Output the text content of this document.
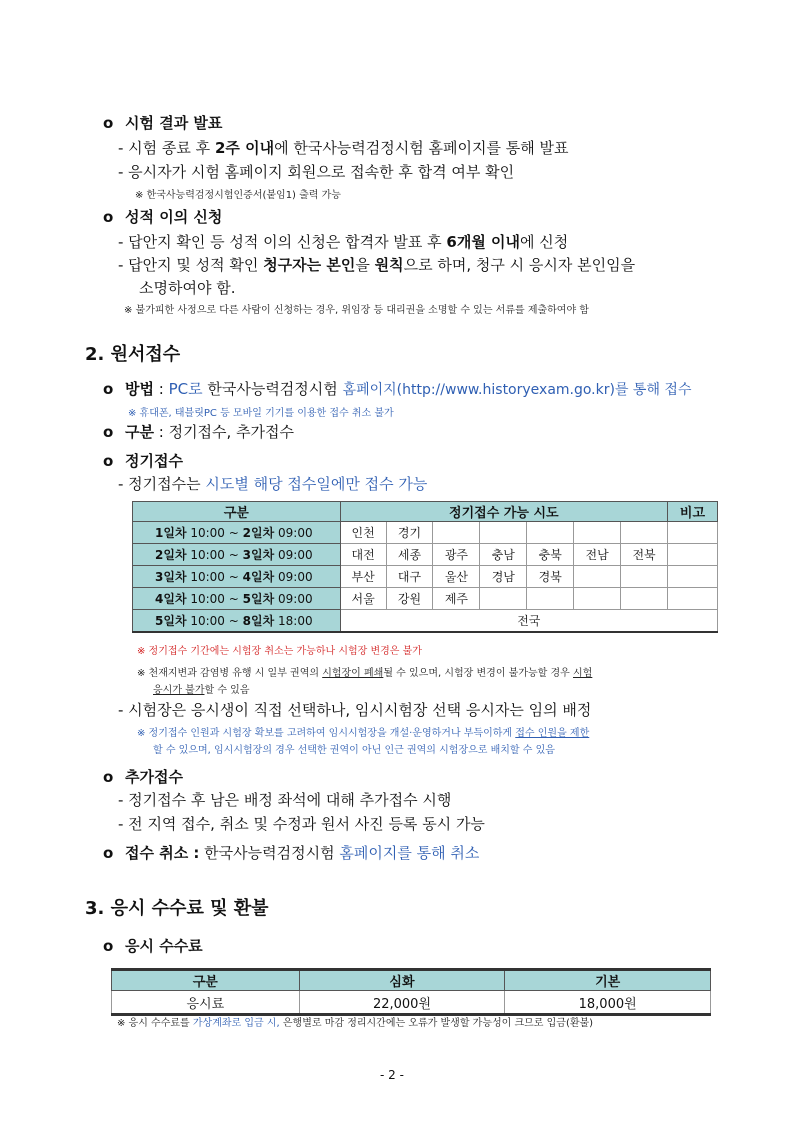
o 시험 결과 발표
- 시험 종료 후 2주 이내에 한국사능력검정시험 홈페이지를 통해 발표
- 응시자가 시험 홈페이지 회원으로 접속한 후 합격 여부 확인
※ 한국사능력검정시험인증서(붙임1) 출력 가능
o 성적 이의 신청
- 답안지 확인 등 성적 이의 신청은 합격자 발표 후 6개월 이내에 신청
- 답안지 및 성적 확인 청구자는 본인을 원칙으로 하며, 청구 시 응시자 본인임을
소명하여야 함.
※ 불가피한 사정으로 다른 사람이 신청하는 경우, 위임장 등 대리권을 소명할 수 있는 서류를 제출하여야 함
2. 원서접수
o 방법 : PC로 한국사능력검정시험 홈페이지(http://www.historyexam.go.kr)를 통해 접수
※ 휴대폰, 태블릿PC 등 모바일 기기를 이용한 접수 취소 불가
o 구분 : 정기접수, 추가접수
o 정기접수
- 정기접수는 시도별 해당 접수일에만 접수 가능
구분	정기접수 가능 시도							비고
1일차 10:00 ~ 2일차 09:00	인천	경기						
2일차 10:00 ~ 3일차 09:00	대전	세종	광주	충남	충북	전남	전북	
3일차 10:00 ~ 4일차 09:00	부산	대구	울산	경남	경북			
4일차 10:00 ~ 5일차 09:00	서울	강원	제주					
5일차 10:00 ~ 8일차 18:00	전국							
※ 정기접수 기간에는 시험장 취소는 가능하나 시험장 변경은 불가
※ 천재지변과 감염병 유행 시 일부 권역의 시험장이 폐쇄될 수 있으며, 시험장 변경이 불가능할 경우 시험
응시가 불가할 수 있음
- 시험장은 응시생이 직접 선택하나, 임시시험장 선택 응시자는 임의 배정
※ 정기접수 인원과 시험장 확보를 고려하여 임시시험장을 개설·운영하거나 부득이하게 접수 인원을 제한
할 수 있으며, 임시시험장의 경우 선택한 권역이 아닌 인근 권역의 시험장으로 배치할 수 있음
o 추가접수
- 정기접수 후 남은 배정 좌석에 대해 추가접수 시행
- 전 지역 접수, 취소 및 수정과 원서 사진 등록 동시 가능
o 접수 취소 : 한국사능력검정시험 홈페이지를 통해 취소
3. 응시 수수료 및 환불
o 응시 수수료
구분	심화	기본
응시료	22,000원	18,000원
※ 응시 수수료를 가상계좌로 입금 시, 은행별로 마감 정리시간에는 오류가 발생할 가능성이 크므로 입금(환불)
- 2 -
